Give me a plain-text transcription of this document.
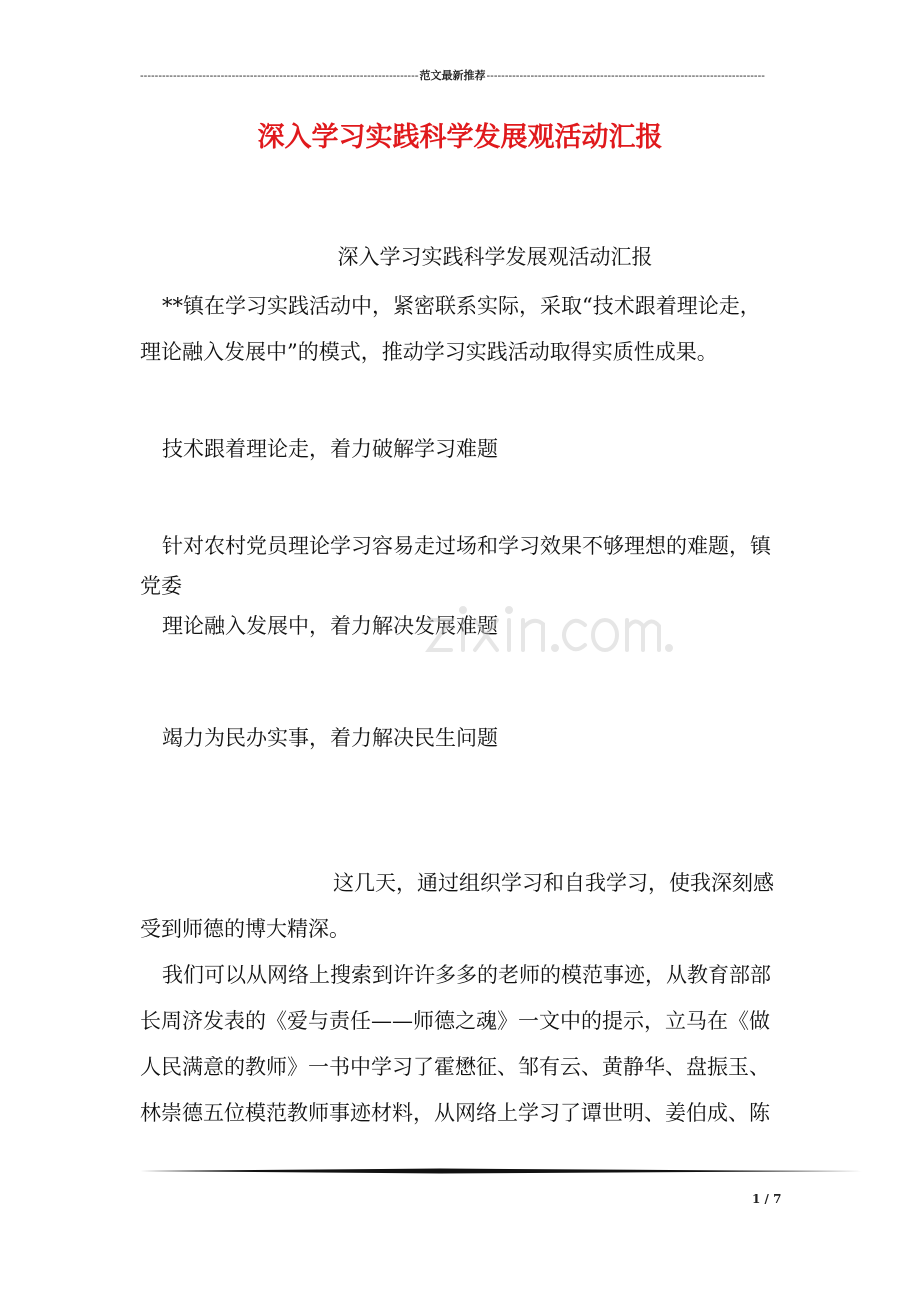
-----
范文最新推荐
-----
深入学习实践科学发展观活动汇报
深入学习实践科学发展观活动汇报

**镇在学习实践活动中，紧密联系实际，采取“技术跟着理论走，

理论融入发展中”的模式，推动学习实践活动取得实质性成果。

技术跟着理论走，着力破解学习难题

针对农村党员理论学习容易走过场和学习效果不够理想的难题，镇

党委

理论融入发展中，着力解决发展难题

竭力为民办实事，着力解决民生问题

这几天，通过组织学习和自我学习，使我深刻感

受到师德的博大精深。

我们可以从网络上搜索到许许多多的老师的模范事迹，从教育部部

长周济发表的《爱与责任——师德之魂》一文中的提示，立马在《做

人民满意的教师》一书中学习了霍懋征、邹有云、黄静华、盘振玉、

林崇德五位模范教师事迹材料，从网络上学习了谭世明、姜伯成、陈

1 / 7
